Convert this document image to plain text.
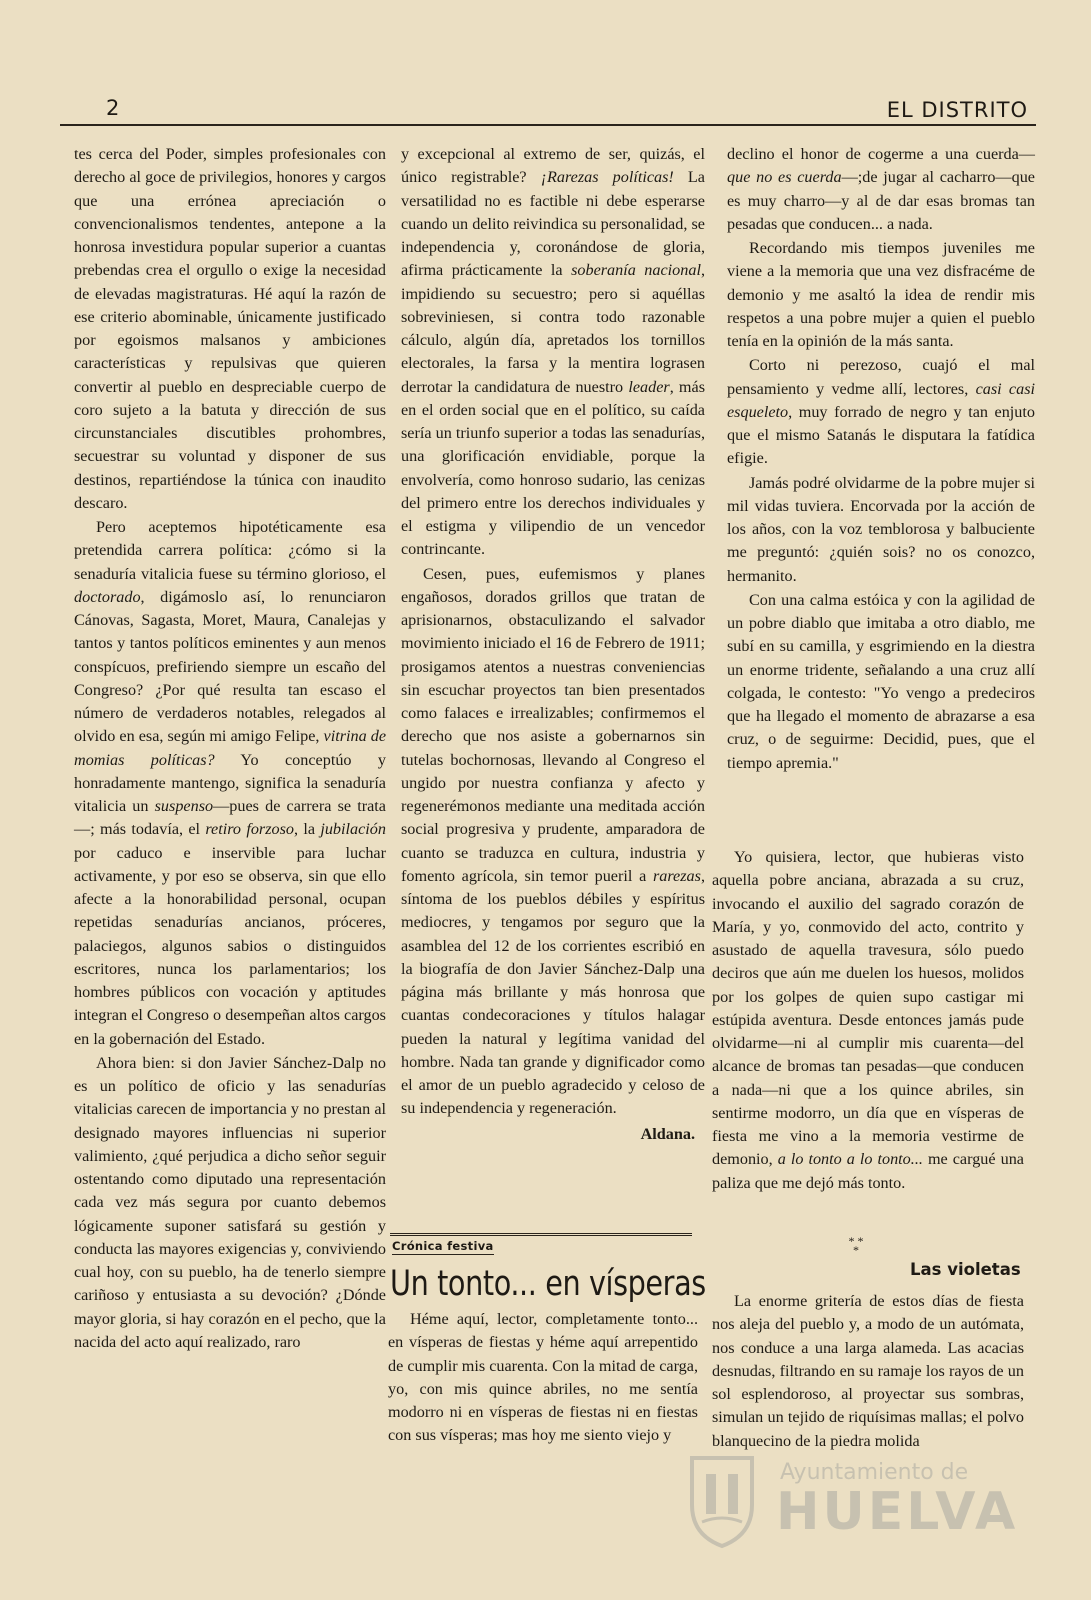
2	EL DISTRITO

tes cerca del Poder, simples profesionales con derecho al goce de privilegios, honores y cargos que una errónea apreciación o convencionalismos tendentes, antepone a la honrosa investidura popular superior a cuantas prebendas crea el orgullo o exige la necesidad de elevadas magistraturas. Hé aquí la razón de ese criterio abominable, únicamente justificado por egoismos malsanos y ambiciones características y repulsivas que quieren convertir al pueblo en despreciable cuerpo de coro sujeto a la batuta y dirección de sus circunstanciales discutibles prohombres, secuestrar su voluntad y disponer de sus destinos, repartiéndose la túnica con inaudito descaro.

Pero aceptemos hipotéticamente esa pretendida carrera política: ¿cómo si la senaduría vitalicia fuese su término glorioso, el doctorado, digámoslo así, lo renunciaron Cánovas, Sagasta, Moret, Maura, Canalejas y tantos y tantos políticos eminentes y aun menos conspícuos, prefiriendo siempre un escaño del Congreso? ¿Por qué resulta tan escaso el número de verdaderos notables, relegados al olvido en esa, según mi amigo Felipe, vitrina de momias políticas? Yo conceptúo y honradamente mantengo, significa la senaduría vitalicia un suspenso—pues de carrera se trata—; más todavía, el retiro forzoso, la jubilación por caduco e inservible para luchar activamente, y por eso se observa, sin que ello afecte a la honorabilidad personal, ocupan repetidas senadurías ancianos, próceres, palaciegos, algunos sabios o distinguidos escritores, nunca los parlamentarios; los hombres públicos con vocación y aptitudes integran el Congreso o desempeñan altos cargos en la gobernación del Estado.

Ahora bien: si don Javier Sánchez-Dalp no es un político de oficio y las senadurías vitalicias carecen de importancia y no prestan al designado mayores influencias ni superior valimiento, ¿qué perjudica a dicho señor seguir ostentando como diputado una representación cada vez más segura por cuanto debemos lógicamente suponer satisfará su gestión y conducta las mayores exigencias y, conviviendo cual hoy, con su pueblo, ha de tenerlo siempre cariñoso y entusiasta a su devoción? ¿Dónde mayor gloria, si hay corazón en el pecho, que la nacida del acto aquí realizado, raro

y excepcional al extremo de ser, quizás, el único registrable? ¡Rarezas políticas! La versatilidad no es factible ni debe esperarse cuando un delito reivindica su personalidad, se independencia y, coronándose de gloria, afirma prácticamente la soberanía nacional, impidiendo su secuestro; pero si aquéllas sobreviniesen, si contra todo razonable cálculo, algún día, apretados los tornillos electorales, la farsa y la mentira lograsen derrotar la candidatura de nuestro leader, más en el orden social que en el político, su caída sería un triunfo superior a todas las senadurías, una glorificación envidiable, porque la envolvería, como honroso sudario, las cenizas del primero entre los derechos individuales y el estigma y vilipendio de un vencedor contrincante.

Cesen, pues, eufemismos y planes engañosos, dorados grillos que tratan de aprisionarnos, obstaculizando el salvador movimiento iniciado el 16 de Febrero de 1911; prosigamos atentos a nuestras conveniencias sin escuchar proyectos tan bien presentados como falaces e irrealizables; confirmemos el derecho que nos asiste a gobernarnos sin tutelas bochornosas, llevando al Congreso el ungido por nuestra confianza y afecto y regenerémonos mediante una meditada acción social progresiva y prudente, amparadora de cuanto se traduzca en cultura, industria y fomento agrícola, sin temor pueril a rarezas, síntoma de los pueblos débiles y espíritus mediocres, y tengamos por seguro que la asamblea del 12 de los corrientes escribió en la biografía de don Javier Sánchez-Dalp una página más brillante y más honrosa que cuantas condecoraciones y títulos halagar pueden la natural y legítima vanidad del hombre. Nada tan grande y dignificador como el amor de un pueblo agradecido y celoso de su independencia y regeneración.

Aldana.

Crónica festiva
Un tonto... en vísperas

Héme aquí, lector, completamente tonto... en vísperas de fiestas y héme aquí arrepentido de cumplir mis cuarenta. Con la mitad de carga, yo, con mis quince abriles, no me sentía modorro ni en vísperas de fiestas ni en fiestas con sus vísperas; mas hoy me siento viejo y

declino el honor de cogerme a una cuerda—que no es cuerda—;de jugar al cacharro—que es muy charro—y al de dar esas bromas tan pesadas que conducen... a nada.

Recordando mis tiempos juveniles me viene a la memoria que una vez disfracéme de demonio y me asaltó la idea de rendir mis respetos a una pobre mujer a quien el pueblo tenía en la opinión de la más santa.

Corto ni perezoso, cuajó el mal pensamiento y vedme allí, lectores, casi casi esqueleto, muy forrado de negro y tan enjuto que el mismo Satanás le disputara la fatídica efigie.

Jamás podré olvidarme de la pobre mujer si mil vidas tuviera. Encorvada por la acción de los años, con la voz temblorosa y balbuciente me preguntó: ¿quién sois? no os conozco, hermanito.

Con una calma estóica y con la agilidad de un pobre diablo que imitaba a otro diablo, me subí en su camilla, y esgrimiendo en la diestra un enorme tridente, señalando a una cruz allí colgada, le contesto: "Yo vengo a predeciros que ha llegado el momento de abrazarse a esa cruz, o de seguirme: Decidid, pues, que el tiempo apremia."

Yo quisiera, lector, que hubieras visto aquella pobre anciana, abrazada a su cruz, invocando el auxilio del sagrado corazón de María, y yo, conmovido del acto, contrito y asustado de aquella travesura, sólo puedo deciros que aún me duelen los huesos, molidos por los golpes de quien supo castigar mi estúpida aventura. Desde entonces jamás pude olvidarme—ni al cumplir mis cuarenta—del alcance de bromas tan pesadas—que conducen a nada—ni que a los quince abriles, sin sentirme modorro, un día que en vísperas de fiesta me vino a la memoria vestirme de demonio, a lo tonto a lo tonto... me cargué una paliza que me dejó más tonto.

* * *
Las violetas

La enorme gritería de estos días de fiesta nos aleja del pueblo y, a modo de un autómata, nos conduce a una larga alameda. Las acacias desnudas, filtrando en su ramaje los rayos de un sol esplendoroso, al proyectar sus sombras, simulan un tejido de riquísimas mallas; el polvo blanquecino de la piedra molida

Ayuntamiento de
HUELVA
